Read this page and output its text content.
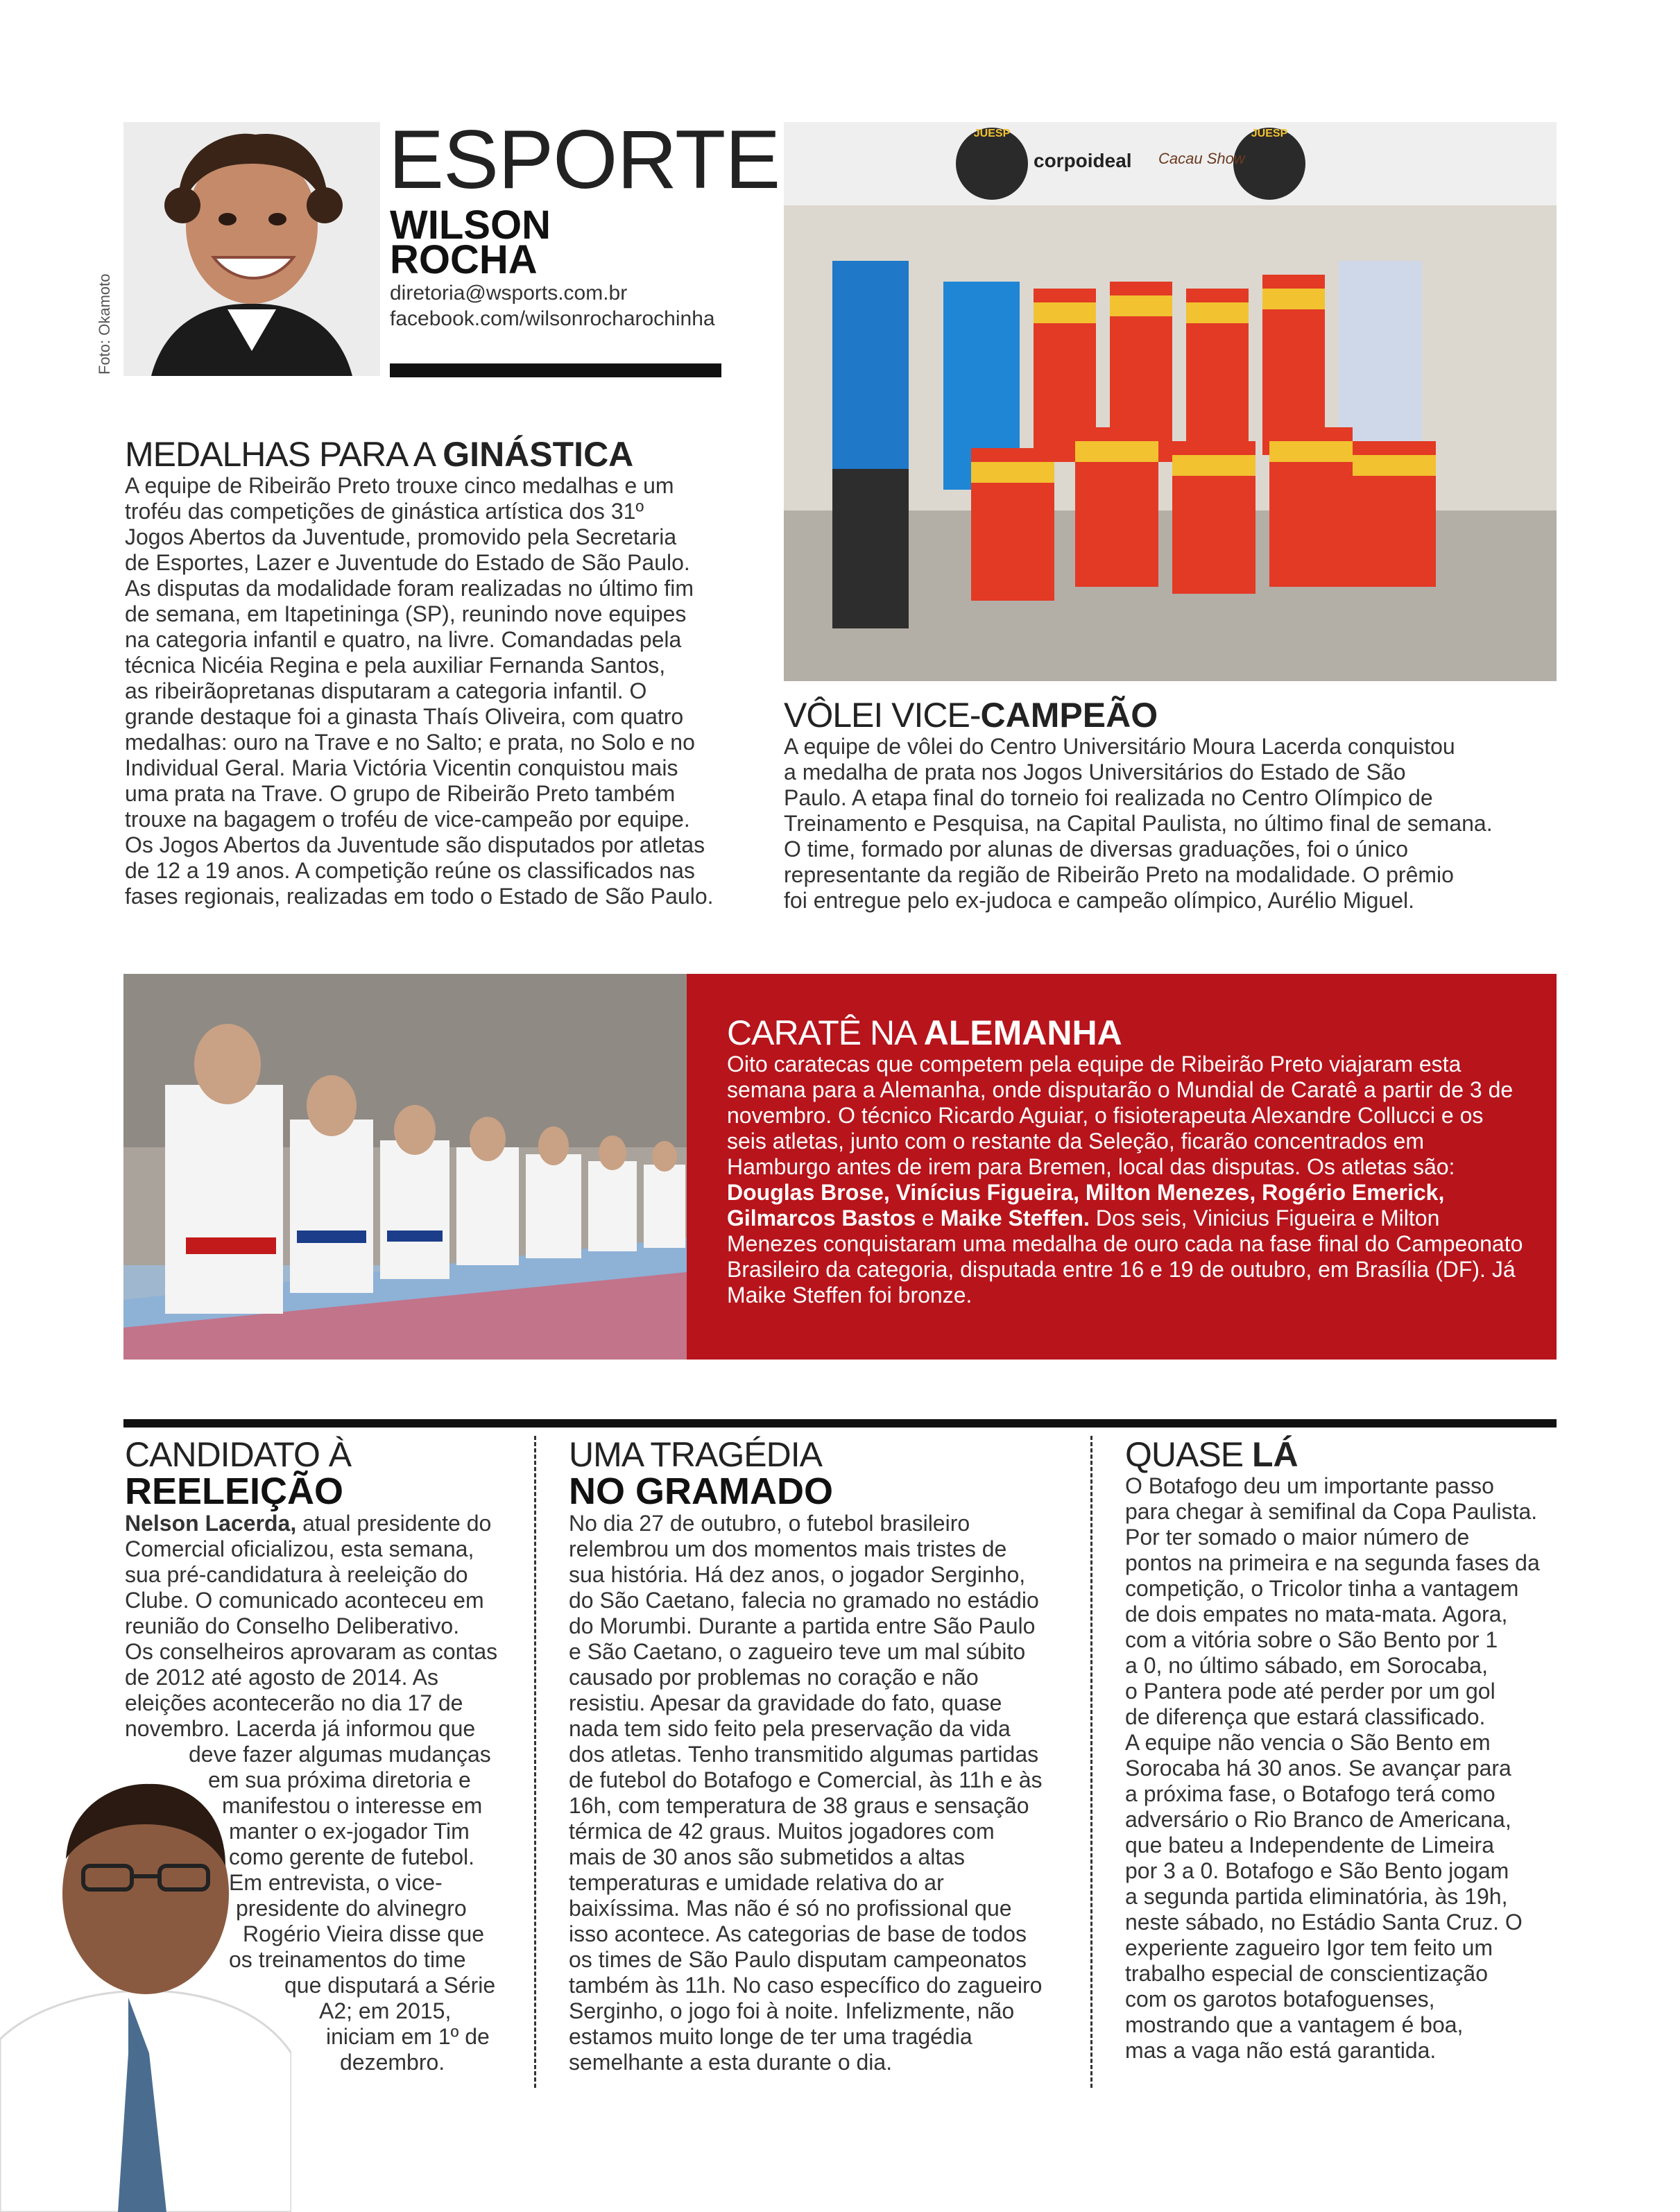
Foto: Okamoto
ESPORTE
WILSON
ROCHA
diretoria@wsports.com.br
facebook.com/wilsonrocharochinha
JUESP
corpoideal Cacau Show
JUESP
MEDALHAS PARA A GINÁSTICA
A equipe de Ribeirão Preto trouxe cinco medalhas e um
troféu das competições de ginástica artística dos 31º
Jogos Abertos da Juventude, promovido pela Secretaria
de Esportes, Lazer e Juventude do Estado de São Paulo.
As disputas da modalidade foram realizadas no último fim
de semana, em Itapetininga (SP), reunindo nove equipes
na categoria infantil e quatro, na livre. Comandadas pela
técnica Nicéia Regina e pela auxiliar Fernanda Santos,
as ribeirãopretanas disputaram a categoria infantil. O
grande destaque foi a ginasta Thaís Oliveira, com quatro
medalhas: ouro na Trave e no Salto; e prata, no Solo e no
Individual Geral. Maria Victória Vicentin conquistou mais
uma prata na Trave. O grupo de Ribeirão Preto também
trouxe na bagagem o troféu de vice-campeão por equipe.
Os Jogos Abertos da Juventude são disputados por atletas
de 12 a 19 anos. A competição reúne os classificados nas
fases regionais, realizadas em todo o Estado de São Paulo.
VÔLEI VICE-CAMPEÃO
A equipe de vôlei do Centro Universitário Moura Lacerda conquistou
a medalha de prata nos Jogos Universitários do Estado de São
Paulo. A etapa final do torneio foi realizada no Centro Olímpico de
Treinamento e Pesquisa, na Capital Paulista, no último final de semana.
O time, formado por alunas de diversas graduações, foi o único
representante da região de Ribeirão Preto na modalidade. O prêmio
foi entregue pelo ex-judoca e campeão olímpico, Aurélio Miguel.
CARATÊ NA ALEMANHA

Oito caratecas que competem pela equipe de Ribeirão Preto viajaram esta semana para a Alemanha, onde disputarão o Mundial de Caratê a partir de 3 de novembro. O técnico Ricardo Aguiar, o fisioterapeuta Alexandre Collucci e os seis atletas, junto com o restante da Seleção, ficarão concentrados em Hamburgo antes de irem para Bremen, local das disputas. Os atletas são: Douglas Brose, Vinícius Figueira, Milton Menezes, Rogério Emerick, Gilmarcos Bastos e Maike Steffen. Dos seis, Vinicius Figueira e Milton Menezes conquistaram uma medalha de ouro cada na fase final do Campeonato Brasileiro da categoria, disputada entre 16 e 19 de outubro, em Brasília (DF). Já Maike Steffen foi bronze.

CANDIDATO À
REELEIÇÃO
Nelson Lacerda, atual presidente do
Comercial oficializou, esta semana,
sua pré-candidatura à reeleição do
Clube. O comunicado aconteceu em
reunião do Conselho Deliberativo.
Os conselheiros aprovaram as contas
de 2012 até agosto de 2014. As
eleições acontecerão no dia 17 de
novembro. Lacerda já informou que
deve fazer algumas mudanças
em sua próxima diretoria e
manifestou o interesse em
manter o ex-jogador Tim
como gerente de futebol.
Em entrevista, o vice-
presidente do alvinegro
Rogério Vieira disse que
os treinamentos do time
que disputará a Série
A2; em 2015,
iniciam em 1º de
dezembro.
UMA TRAGÉDIA
NO GRAMADO
No dia 27 de outubro, o futebol brasileiro
relembrou um dos momentos mais tristes de
sua história. Há dez anos, o jogador Serginho,
do São Caetano, falecia no gramado no estádio
do Morumbi. Durante a partida entre São Paulo
e São Caetano, o zagueiro teve um mal súbito
causado por problemas no coração e não
resistiu. Apesar da gravidade do fato, quase
nada tem sido feito pela preservação da vida
dos atletas. Tenho transmitido algumas partidas
de futebol do Botafogo e Comercial, às 11h e às
16h, com temperatura de 38 graus e sensação
térmica de 42 graus. Muitos jogadores com
mais de 30 anos são submetidos a altas
temperaturas e umidade relativa do ar
baixíssima. Mas não é só no profissional que
isso acontece. As categorias de base de todos
os times de São Paulo disputam campeonatos
também às 11h. No caso específico do zagueiro
Serginho, o jogo foi à noite. Infelizmente, não
estamos muito longe de ter uma tragédia
semelhante a esta durante o dia.
QUASE LÁ
O Botafogo deu um importante passo
para chegar à semifinal da Copa Paulista.
Por ter somado o maior número de
pontos na primeira e na segunda fases da
competição, o Tricolor tinha a vantagem
de dois empates no mata-mata. Agora,
com a vitória sobre o São Bento por 1
a 0, no último sábado, em Sorocaba,
o Pantera pode até perder por um gol
de diferença que estará classificado.
A equipe não vencia o São Bento em
Sorocaba há 30 anos. Se avançar para
a próxima fase, o Botafogo terá como
adversário o Rio Branco de Americana,
que bateu a Independente de Limeira
por 3 a 0. Botafogo e São Bento jogam
a segunda partida eliminatória, às 19h,
neste sábado, no Estádio Santa Cruz. O
experiente zagueiro Igor tem feito um
trabalho especial de conscientização
com os garotos botafoguenses,
mostrando que a vantagem é boa,
mas a vaga não está garantida.
